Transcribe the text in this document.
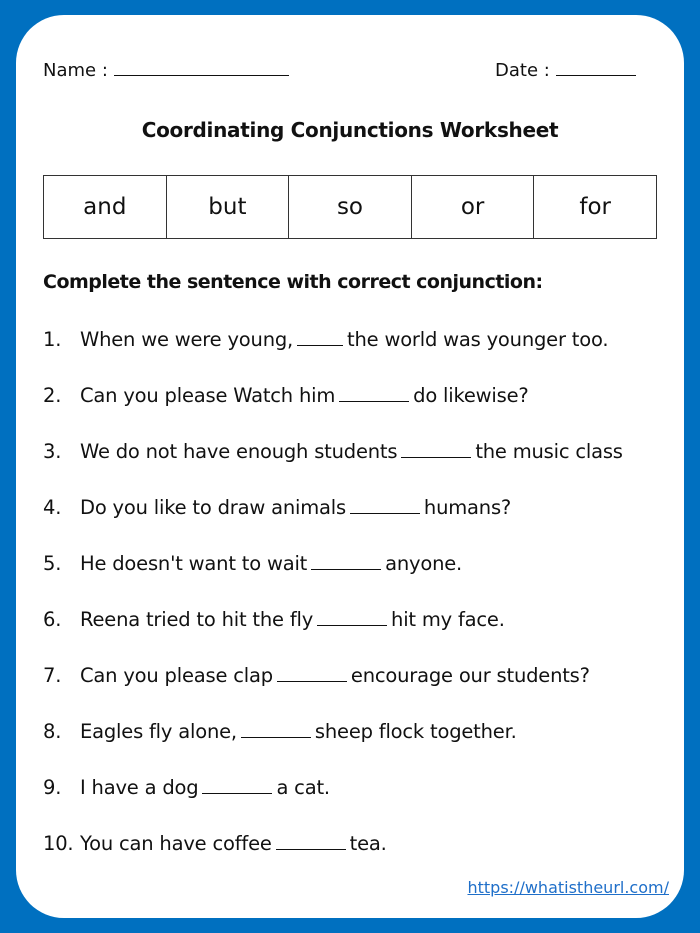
Name :	Date :
Coordinating Conjunctions Worksheet
and	but	so	or	for
Complete the sentence with correct conjunction:
1. When we were young,	the world was younger too.
2. Can you please Watch him	do likewise?
3. We do not have enough students	the music class
4. Do you like to draw animals	humans?
5. He doesn't want to wait	anyone.
6. Reena tried to hit the fly	hit my face.
7. Can you please clap	encourage our students?
8. Eagles fly alone,	sheep flock together.
9. I have a dog	a cat.
10. You can have coffee	tea.
https://whatistheurl.com/
